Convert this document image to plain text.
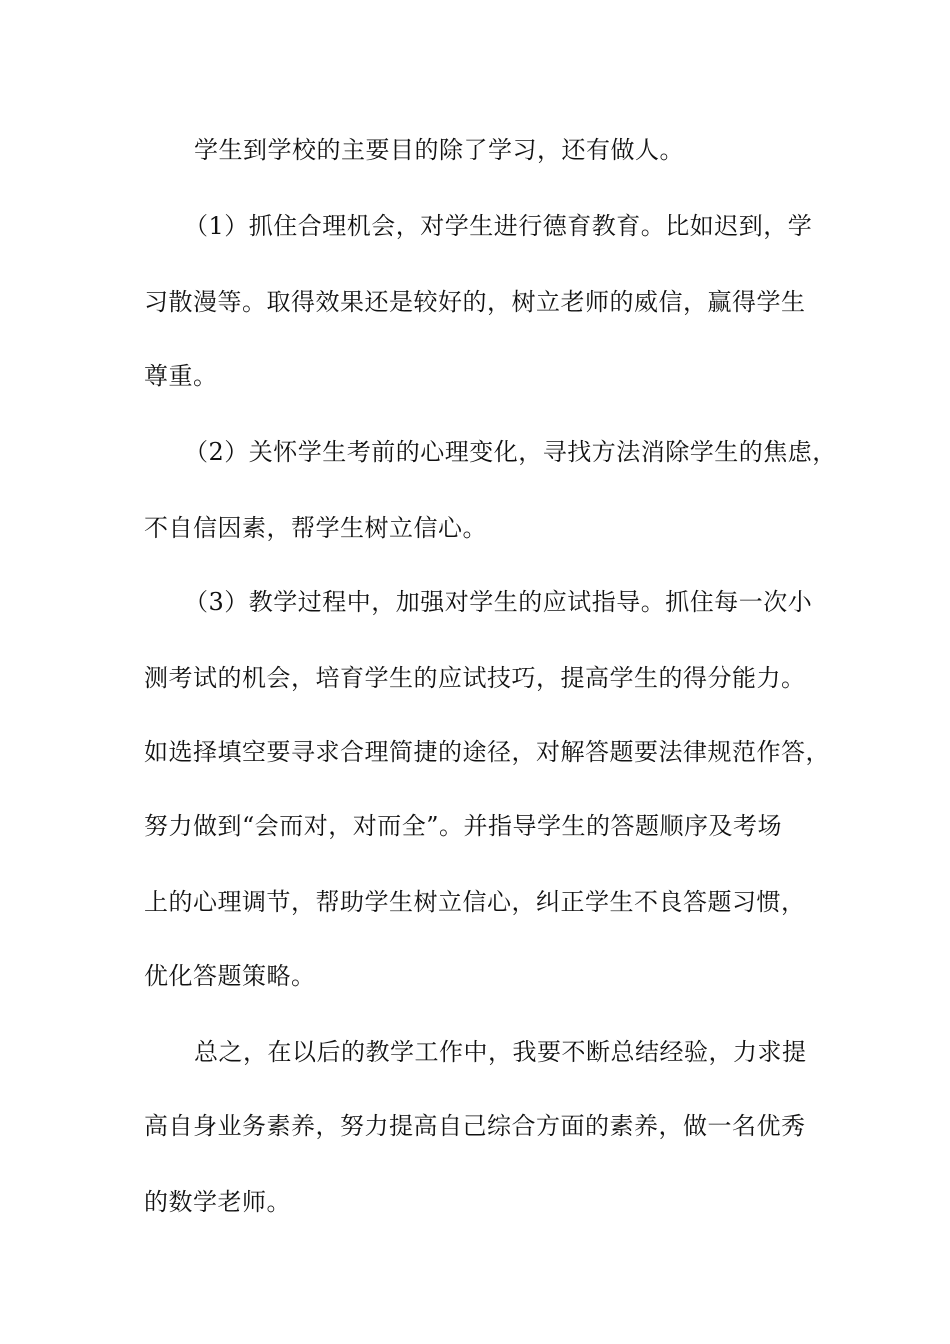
学生到学校的主要目的除了学习，还有做人。

（1）抓住合理机会，对学生进行德育教育。比如迟到，学

习散漫等。取得效果还是较好的，树立老师的威信，赢得学生

尊重。

（2）关怀学生考前的心理变化，寻找方法消除学生的焦虑，

不自信因素，帮学生树立信心。

（3）教学过程中，加强对学生的应试指导。抓住每一次小

测考试的机会，培育学生的应试技巧，提高学生的得分能力。

如选择填空要寻求合理简捷的途径，对解答题要法律规范作答，

努力做到“会而对，对而全”。并指导学生的答题顺序及考场

上的心理调节，帮助学生树立信心，纠正学生不良答题习惯，

优化答题策略。

总之，在以后的教学工作中，我要不断总结经验，力求提

高自身业务素养，努力提高自己综合方面的素养，做一名优秀

的数学老师。
